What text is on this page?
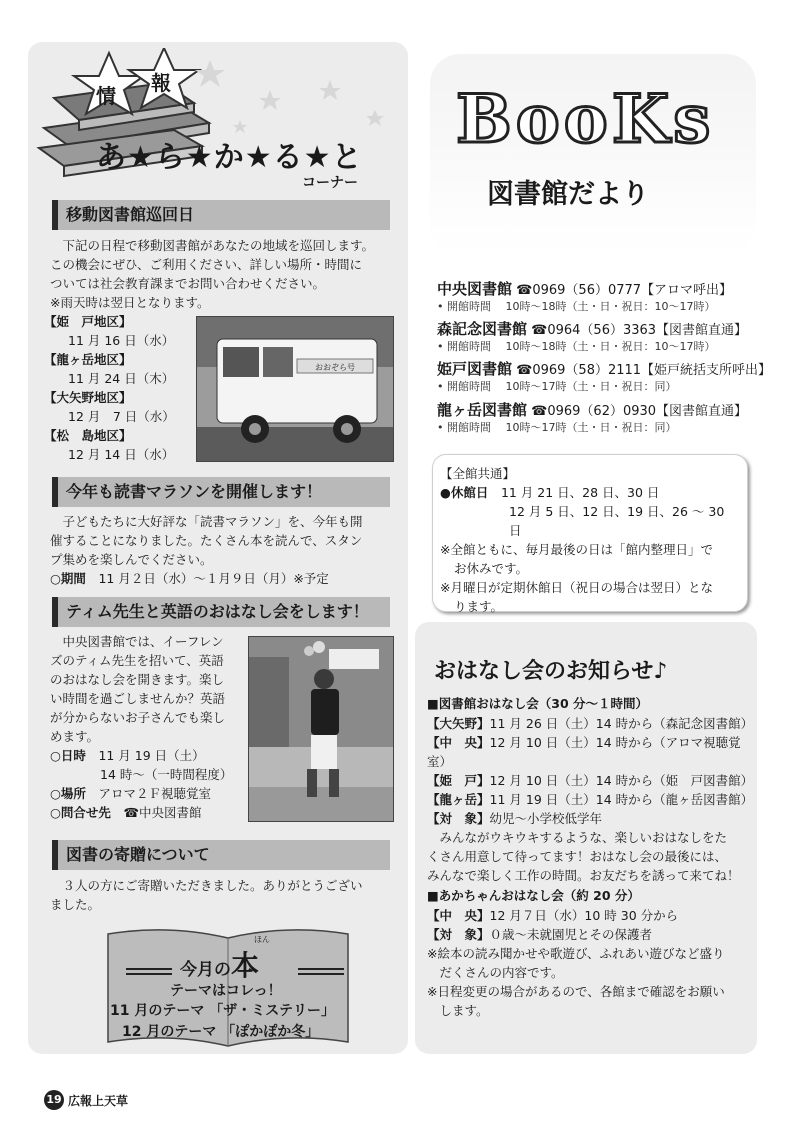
情
報
あ★ら★か★る★と
コーナー
BooKs
図書館だより
移動図書館巡回日
　下記の日程で移動図書館があなたの地域を巡回します。
この機会にぜひ、ご利用ください、詳しい場所・時間に
ついては社会教育課までお問い合わせください。
※雨天時は翌日となります。
【姫　戸地区】
11 月 16 日（水）
【龍ヶ岳地区】
11 月 24 日（木）
【大矢野地区】
12 月　7 日（水）
【松　島地区】
12 月 14 日（水）
おおぞら号
今年も読書マラソンを開催します！
　子どもたちに大好評な「読書マラソン」を、今年も開
催することになりました。たくさん本を読んで、スタン
プ集めを楽しんでください。
○期間　 11 月２日（水）～１月９日（月）※予定
ティム先生と英語のおはなし会をします！
　中央図書館では、イーフレン
ズのティム先生を招いて、英語
のおはなし会を開きます。楽し
い時間を過ごしませんか？英語
が分からないお子さんでも楽し
めます。
○日時　 11 月 19 日（土）
14 時～（一時間程度）
○場所　 アロマ２Ｆ視聴覚室
○問合せ先　 ☎中央図書館
図書の寄贈について
　３人の方にご寄贈いただきました。ありがとうござい
ました。
ほん
今月の本
テーマはコレっ！
11 月のテーマ 「ザ・ミステリー」
12 月のテーマ 「ぽかぽか冬」
中央図書館 ☎0969（56）0777【アロマ呼出】
• 開館時間　 10時～18時（土・日・祝日：10～17時）
森記念図書館 ☎0964（56）3363【図書館直通】
• 開館時間　 10時～18時（土・日・祝日：10～17時）
姫戸図書館 ☎0969（58）2111【姫戸統括支所呼出】
• 開館時間　 10時～17時（土・日・祝日：同）
龍ヶ岳図書館 ☎0969（62）0930【図書館直通】
• 開館時間　 10時～17時（土・日・祝日：同）
【全館共通】
●休館日　 11 月 21 日、28 日、30 日
12 月 5 日、12 日、19 日、26 ～ 30 日
※全館ともに、毎月最後の日は「館内整理日」で
お休みです。
※月曜日が定期休館日（祝日の場合は翌日）とな
ります。
おはなし会のお知らせ♪
■図書館おはなし会（30 分～１時間）
【大矢野】11 月 26 日（土）14 時から（森記念図書館）
【中　央】12 月 10 日（土）14 時から（アロマ視聴覚室）
【姫　戸】12 月 10 日（土）14 時から（姫　戸図書館）
【龍ヶ岳】11 月 19 日（土）14 時から（龍ヶ岳図書館）
【対　象】幼児～小学校低学年
　みんながウキウキするような、楽しいおはなしをた
くさん用意して待ってます！おはなし会の最後には、
みんなで楽しく工作の時間。お友だちを誘って来てね！
■あかちゃんおはなし会（約 20 分）
【中　央】12 月７日（水）10 時 30 分から
【対　象】０歳～未就園児とその保護者
※絵本の読み聞かせや歌遊び、ふれあい遊びなど盛り
　だくさんの内容です。
※日程変更の場合があるので、各館まで確認をお願い
　します。
19 広報上天草
